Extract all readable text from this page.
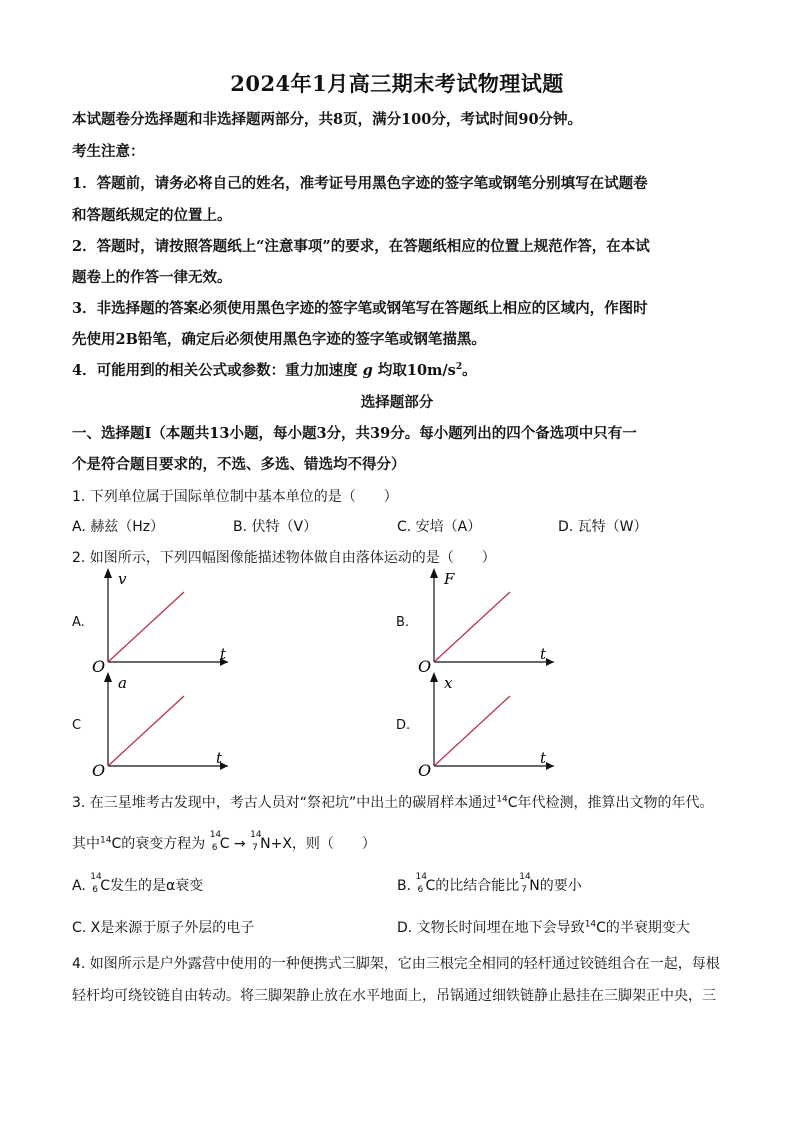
2024年1月高三期末考试物理试题
本试题卷分选择题和非选择题两部分，共8页，满分100分，考试时间90分钟。
考生注意：
1．答题前，请务必将自己的姓名，准考证号用黑色字迹的签字笔或钢笔分别填写在试题卷
和答题纸规定的位置上。
2．答题时，请按照答题纸上“注意事项”的要求，在答题纸相应的位置上规范作答，在本试
题卷上的作答一律无效。
3．非选择题的答案必须使用黑色字迹的签字笔或钢笔写在答题纸上相应的区域内，作图时
先使用2B铅笔，确定后必须使用黑色字迹的签字笔或钢笔描黑。
4．可能用到的相关公式或参数：重力加速度 g 均取$10m/s^2$。
选择题部分
一、选择题Ⅰ（本题共13小题，每小题3分，共39分。每小题列出的四个备选项中只有一
个是符合题目要求的，不选、多选、错选均不得分）
1. 下列单位属于国际单位制中基本单位的是（　　）
A. 赫兹（Hz）	B. 伏特（V）	C. 安培（A）	D. 瓦特（W）
2. 如图所示，下列四幅图像能描述物体做自由落体运动的是（　　）
A.
v
t
O
B.
F
t
O
C
a
t
O
D.
x
t
O
3. 在三星堆考古发现中，考古人员对“祭祀坑”中出土的碳屑样本通过$^{14}$C年代检测，推算出文物的年代。
其中$^{14}$C的衰变方程为
14
6 C →
14
7 N+X，则（　　）
A.
14
6 C发生的是α衰变	B.
14
6 C的比结合能比
14
7 N的要小
C. X是来源于原子外层的电子	D. 文物长时间埋在地下会导致$^{14}$C的半衰期变大
4. 如图所示是户外露营中使用的一种便携式三脚架，它由三根完全相同的轻杆通过铰链组合在一起，每根
轻杆均可绕铰链自由转动。将三脚架静止放在水平地面上，吊锅通过细铁链静止悬挂在三脚架正中央，三
